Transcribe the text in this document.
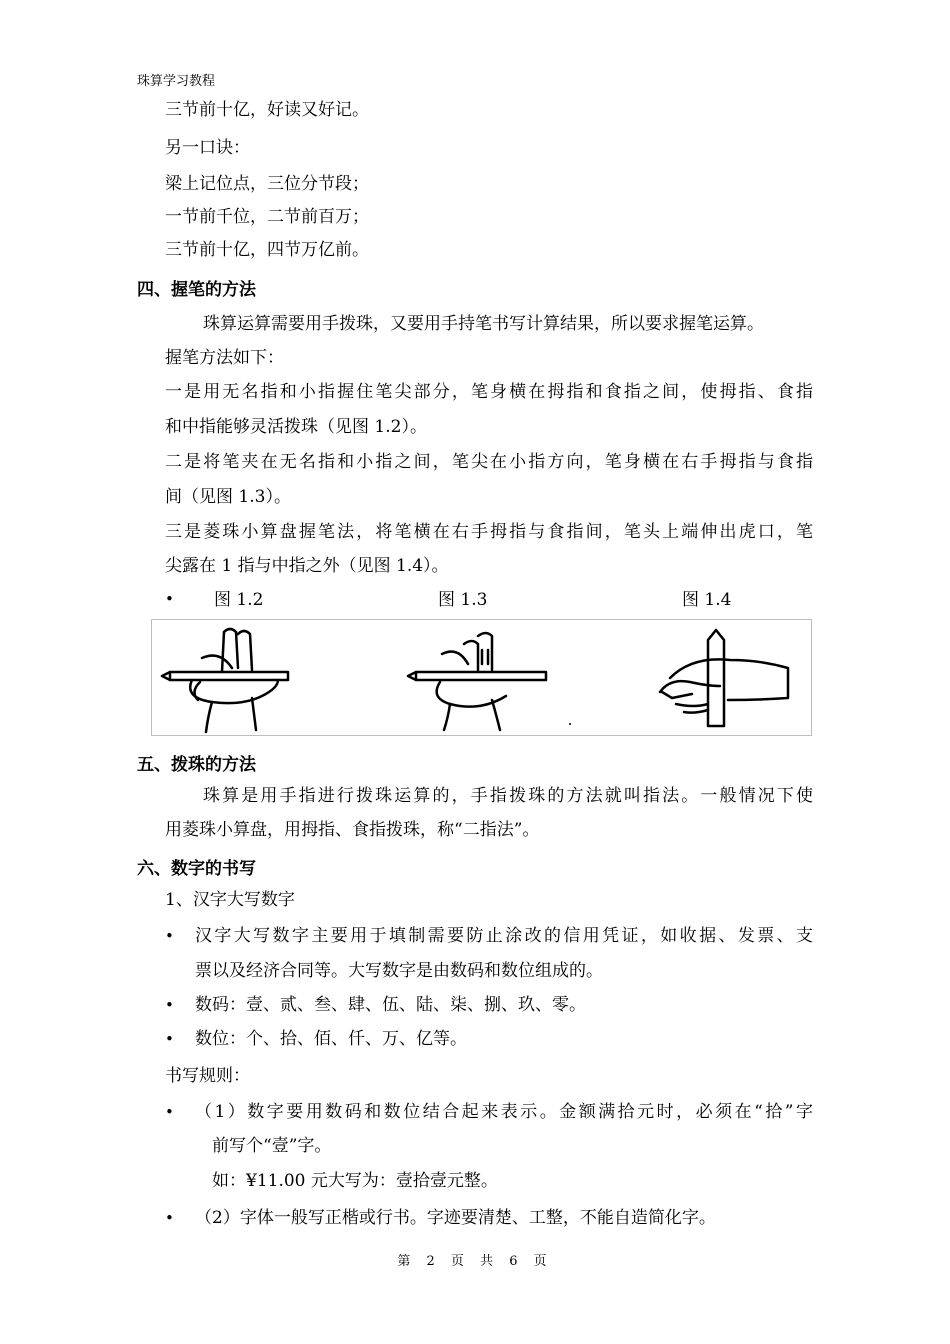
珠算学习教程
三节前十亿，好读又好记。
另一口诀：
梁上记位点，三位分节段；
一节前千位，二节前百万；
三节前十亿，四节万亿前。
四、握笔的方法
珠算运算需要用手拨珠，又要用手持笔书写计算结果，所以要求握笔运算。
握笔方法如下：
一是用无名指和小指握住笔尖部分，笔身横在拇指和食指之间，使拇指、食指
和中指能够灵活拨珠（见图 1.2）。
二是将笔夹在无名指和小指之间，笔尖在小指方向，笔身横在右手拇指与食指
间（见图 1.3）。
三是菱珠小算盘握笔法，将笔横在右手拇指与食指间，笔头上端伸出虎口，笔
尖露在 1 指与中指之外（见图 1.4）。
• 图 1.2	图 1.3	图 1.4
五、拨珠的方法
珠算是用手指进行拨珠运算的，手指拨珠的方法就叫指法。一般情况下使
用菱珠小算盘，用拇指、食指拨珠，称“二指法”。
六、数字的书写
1、汉字大写数字
• 汉字大写数字主要用于填制需要防止涂改的信用凭证，如收据、发票、支
票以及经济合同等。大写数字是由数码和数位组成的。
• 数码：壹、贰、叁、肆、伍、陆、柒、捌、玖、零。
• 数位：个、拾、佰、仟、万、亿等。
书写规则：
• （1）数字要用数码和数位结合起来表示。金额满拾元时，必须在“拾”字
前写个“壹”字。
如：¥11.00 元大写为：壹拾壹元整。
• （2）字体一般写正楷或行书。字迹要清楚、工整，不能自造简化字。
第 2 页 共 6 页
